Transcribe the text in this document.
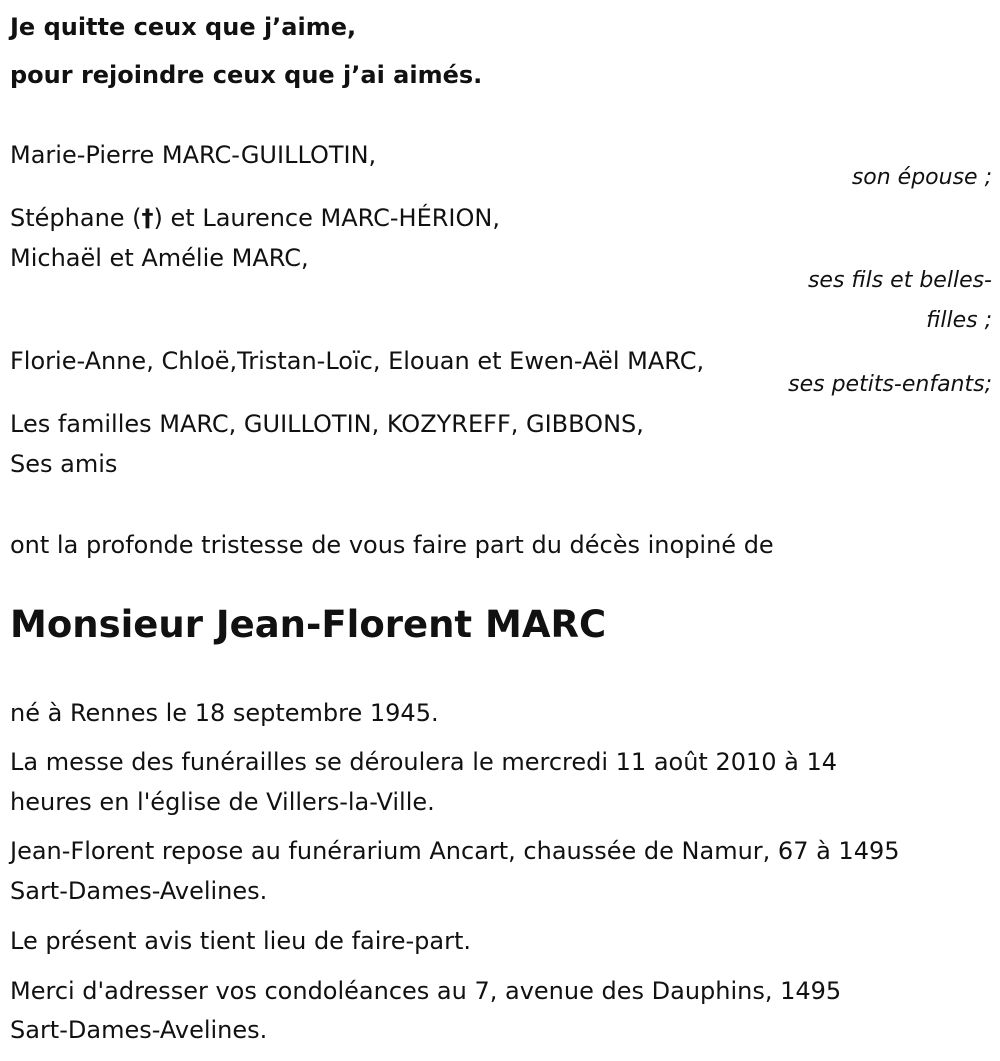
Je quitte ceux que j’aime,
pour rejoindre ceux que j’ai aimés.
Marie-Pierre MARC-GUILLOTIN,
son épouse ;
Stéphane (†) et Laurence MARC-HÉRION,
Michaël et Amélie MARC,
ses fils et belles-
filles ;
Florie-Anne, Chloë,Tristan-Loïc, Elouan et Ewen-Aël MARC,
ses petits-enfants;
Les familles MARC, GUILLOTIN, KOZYREFF, GIBBONS,
Ses amis
ont la profonde tristesse de vous faire part du décès inopiné de
Monsieur Jean-Florent MARC
né à Rennes le 18 septembre 1945.
La messe des funérailles se déroulera le mercredi 11 août 2010 à 14
heures en l'église de Villers-la-Ville.
Jean-Florent repose au funérarium Ancart, chaussée de Namur, 67 à 1495
Sart-Dames-Avelines.
Le présent avis tient lieu de faire-part.
Merci d'adresser vos condoléances au 7, avenue des Dauphins, 1495
Sart-Dames-Avelines.
